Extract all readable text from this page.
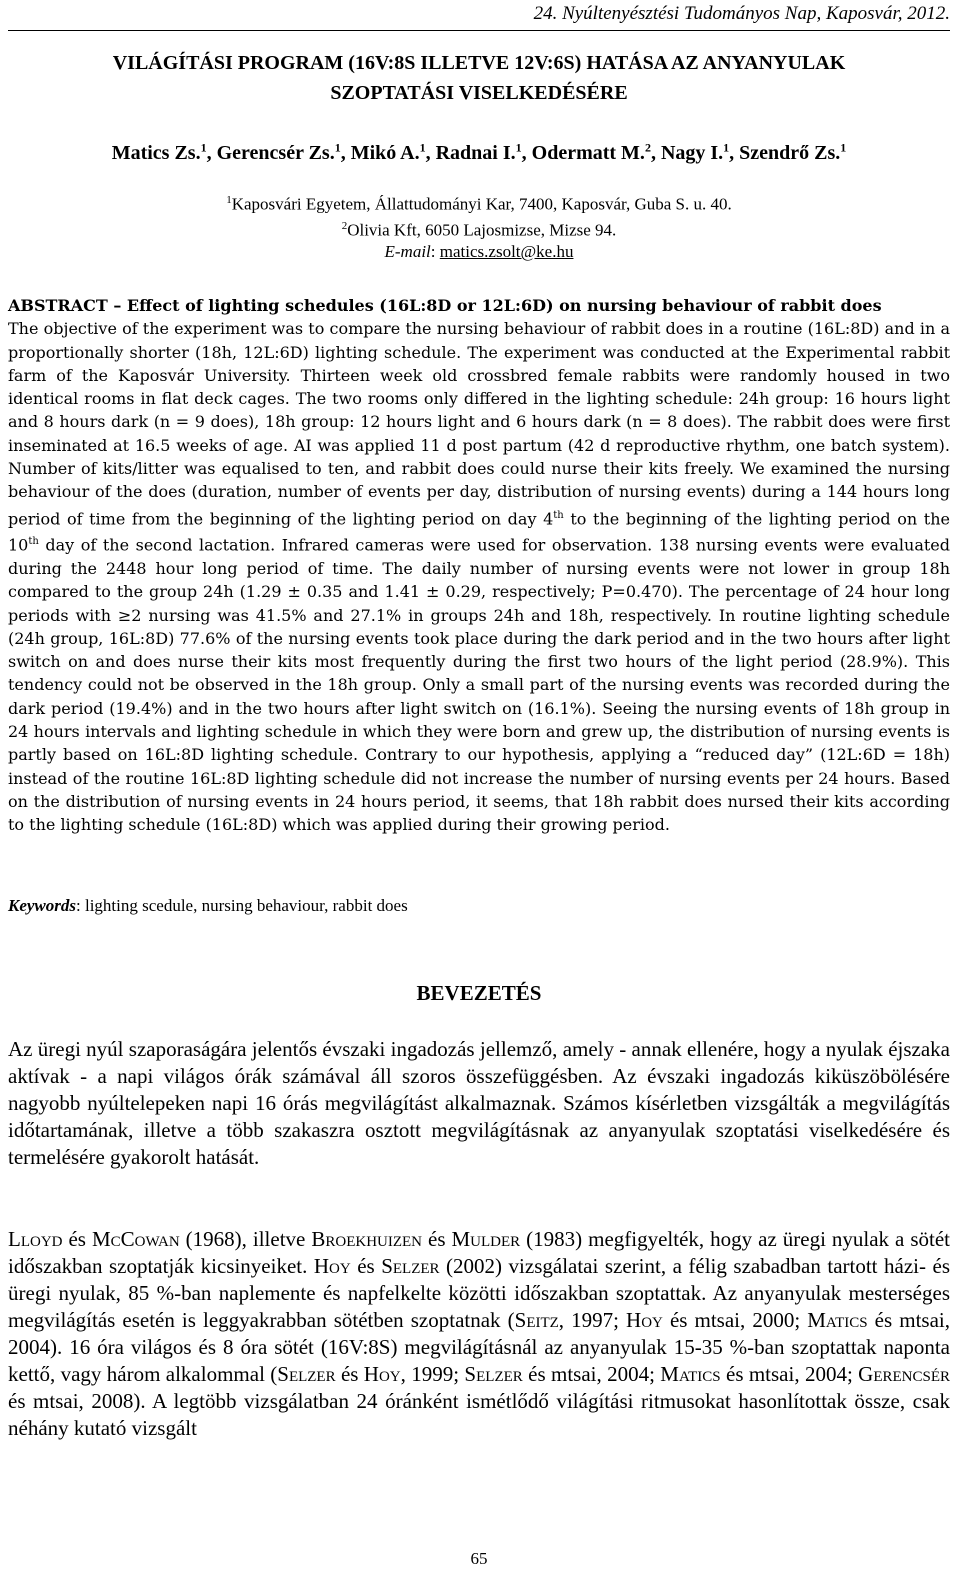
24. Nyúltenyésztési Tudományos Nap, Kaposvár, 2012.
VILÁGÍTÁSI PROGRAM (16V:8S ILLETVE 12V:6S) HATÁSA AZ ANYANYULAK
SZOPTATÁSI VISELKEDÉSÉRE
Matics Zs.$^1$, Gerencsér Zs.$^1$, Mikó A.$^1$, Radnai I.$^1$, Odermatt M.$^2$, Nagy I.$^1$, Szendrő Zs.$^1$
$^1$Kaposvári Egyetem, Állattudományi Kar, 7400, Kaposvár, Guba S. u. 40.
$^2$Olivia Kft, 6050 Lajosmizse, Mizse 94.
E-mail: matics.zsolt@ke.hu

ABSTRACT – Effect of lighting schedules (16L:8D or 12L:6D) on nursing behaviour of rabbit does

The objective of the experiment was to compare the nursing behaviour of rabbit does in a routine (16L:8D) and in a proportionally shorter (18h, 12L:6D) lighting schedule. The experiment was conducted at the Experimental rabbit farm of the Kaposvár University. Thirteen week old crossbred female rabbits were randomly housed in two identical rooms in flat deck cages. The two rooms only differed in the lighting schedule: 24h group: 16 hours light and 8 hours dark (n = 9 does), 18h group: 12 hours light and 6 hours dark (n = 8 does). The rabbit does were first inseminated at 16.5 weeks of age. AI was applied 11 d post partum (42 d reproductive rhythm, one batch system). Number of kits/litter was equalised to ten, and rabbit does could nurse their kits freely. We examined the nursing behaviour of the does (duration, number of events per day, distribution of nursing events) during a 144 hours long period of time from the beginning of the lighting period on day 4th to the beginning of the lighting period on the 10th day of the second lactation. Infrared cameras were used for observation. 138 nursing events were evaluated during the 2448 hour long period of time. The daily number of nursing events were not lower in group 18h compared to the group 24h (1.29 ± 0.35 and 1.41 ± 0.29, respectively; P=0.470). The percentage of 24 hour long periods with ≥2 nursing was 41.5% and 27.1% in groups 24h and 18h, respectively. In routine lighting schedule (24h group, 16L:8D) 77.6% of the nursing events took place during the dark period and in the two hours after light switch on and does nurse their kits most frequently during the first two hours of the light period (28.9%). This tendency could not be observed in the 18h group. Only a small part of the nursing events was recorded during the dark period (19.4%) and in the two hours after light switch on (16.1%). Seeing the nursing events of 18h group in 24 hours intervals and lighting schedule in which they were born and grew up, the distribution of nursing events is partly based on 16L:8D lighting schedule. Contrary to our hypothesis, applying a “reduced day” (12L:6D = 18h) instead of the routine 16L:8D lighting schedule did not increase the number of nursing events per 24 hours. Based on the distribution of nursing events in 24 hours period, it seems, that 18h rabbit does nursed their kits according to the lighting schedule (16L:8D) which was applied during their growing period.

Keywords: lighting scedule, nursing behaviour, rabbit does
BEVEZETÉS

Az üregi nyúl szaporaságára jelentős évszaki ingadozás jellemző, amely - annak ellenére, hogy a nyulak éjszaka aktívak - a napi világos órák számával áll szoros összefüggésben. Az évszaki ingadozás kiküszöbölésére nagyobb nyúltelepeken napi 16 órás megvilágítást alkalmaznak. Számos kísérletben vizsgálták a megvilágítás időtartamának, illetve a több szakaszra osztott megvilágításnak az anyanyulak szoptatási viselkedésére és termelésére gyakorolt hatását.

Lloyd és McCowan (1968), illetve Broekhuizen és Mulder (1983) megfigyelték, hogy az üregi nyulak a sötét időszakban szoptatják kicsinyeiket. Hoy és Selzer (2002) vizsgálatai szerint, a félig szabadban tartott házi- és üregi nyulak, 85 %-ban naplemente és napfelkelte közötti időszakban szoptattak. Az anyanyulak mesterséges megvilágítás esetén is leggyakrabban sötétben szoptatnak (Seitz, 1997; Hoy és mtsai, 2000; Matics és mtsai, 2004). 16 óra világos és 8 óra sötét (16V:8S) megvilágításnál az anyanyulak 15-35 %-ban szoptattak naponta kettő, vagy három alkalommal (Selzer és Hoy, 1999; Selzer és mtsai, 2004; Matics és mtsai, 2004; Gerencsér és mtsai, 2008). A legtöbb vizsgálatban 24 óránként ismétlődő világítási ritmusokat hasonlítottak össze, csak néhány kutató vizsgált

65
